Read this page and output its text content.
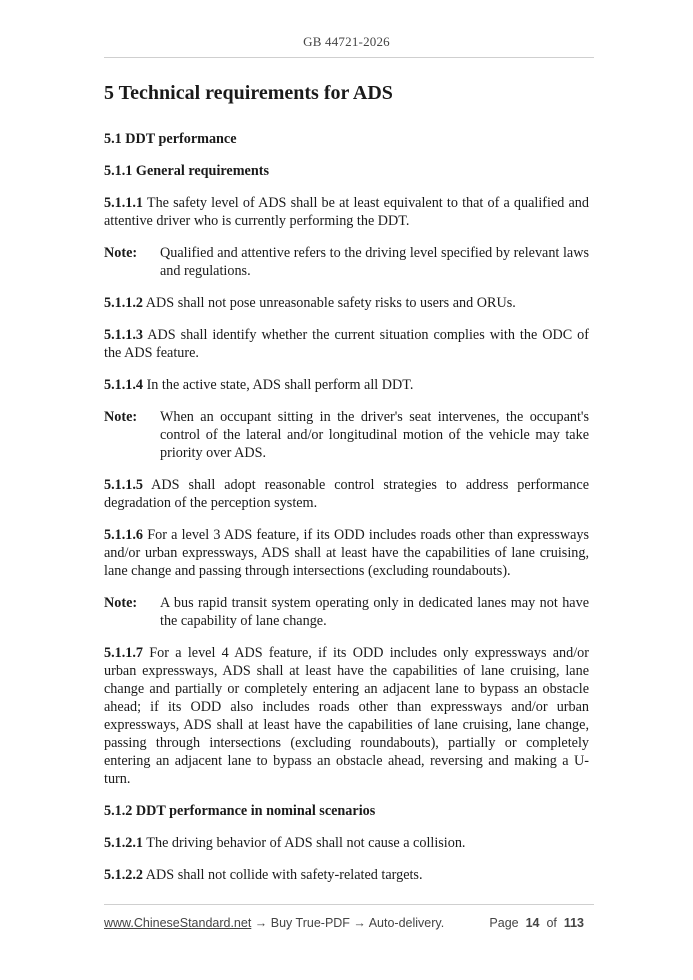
GB 44721-2026
5 Technical requirements for ADS
5.1 DDT performance
5.1.1 General requirements

5.1.1.1 The safety level of ADS shall be at least equivalent to that of a qualified and attentive driver who is currently performing the DDT.

Note:	Qualified and attentive refers to the driving level specified by relevant laws and regulations.

5.1.1.2 ADS shall not pose unreasonable safety risks to users and ORUs.

5.1.1.3 ADS shall identify whether the current situation complies with the ODC of the ADS feature.

5.1.1.4 In the active state, ADS shall perform all DDT.

Note:	When an occupant sitting in the driver's seat intervenes, the occupant's control of the lateral and/or longitudinal motion of the vehicle may take priority over ADS.

5.1.1.5 ADS shall adopt reasonable control strategies to address performance degradation of the perception system.

5.1.1.6 For a level 3 ADS feature, if its ODD includes roads other than expressways and/or urban expressways, ADS shall at least have the capabilities of lane cruising, lane change and passing through intersections (excluding roundabouts).

Note:	A bus rapid transit system operating only in dedicated lanes may not have the capability of lane change.

5.1.1.7 For a level 4 ADS feature, if its ODD includes only expressways and/or urban expressways, ADS shall at least have the capabilities of lane cruising, lane change and partially or completely entering an adjacent lane to bypass an obstacle ahead; if its ODD also includes roads other than expressways and/or urban expressways, ADS shall at least have the capabilities of lane cruising, lane change, passing through intersections (excluding roundabouts), partially or completely entering an adjacent lane to bypass an obstacle ahead, reversing and making a U-turn.

5.1.2 DDT performance in nominal scenarios

5.1.2.1 The driving behavior of ADS shall not cause a collision.

5.1.2.2 ADS shall not collide with safety-related targets.

www.ChineseStandard.net → Buy True-PDF → Auto-delivery.	Page 14 of 113
